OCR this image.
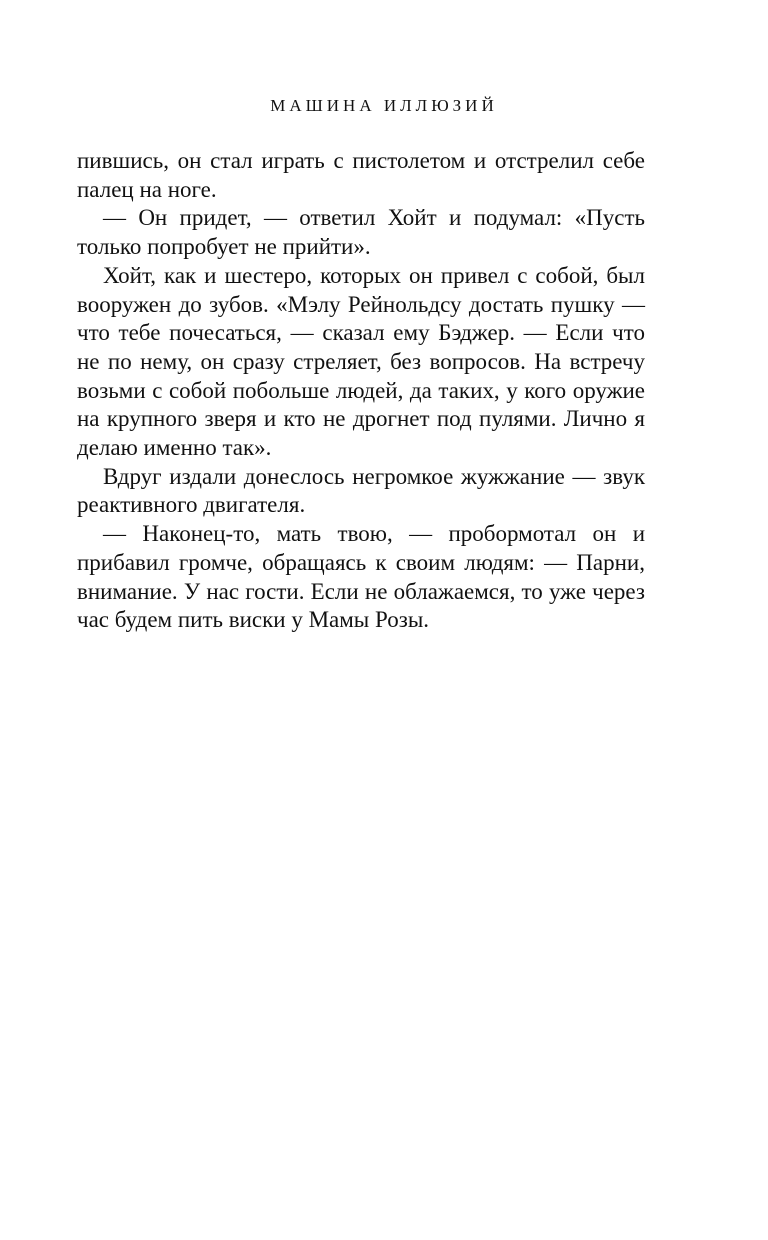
МАШИНА ИЛЛЮЗИЙ

пившись, он стал играть с пистолетом и отстрелил себе палец на ноге.

— Он придет, — ответил Хойт и подумал: «Пусть только попробует не прийти».

Хойт, как и шестеро, которых он привел с собой, был вооружен до зубов. «Мэлу Рейнольдсу достать пушку — что тебе почесаться, — сказал ему Бэджер. — Если что не по нему, он сразу стреляет, без вопросов. На встречу возьми с собой побольше людей, да таких, у кого оружие на крупного зверя и кто не дрогнет под пулями. Лично я делаю именно так».

Вдруг издали донеслось негромкое жужжание — звук реактивного двигателя.

— Наконец-то, мать твою, — пробормотал он и прибавил громче, обращаясь к своим людям: — Парни, внимание. У нас гости. Если не облажаемся, то уже через час будем пить виски у Мамы Розы.
